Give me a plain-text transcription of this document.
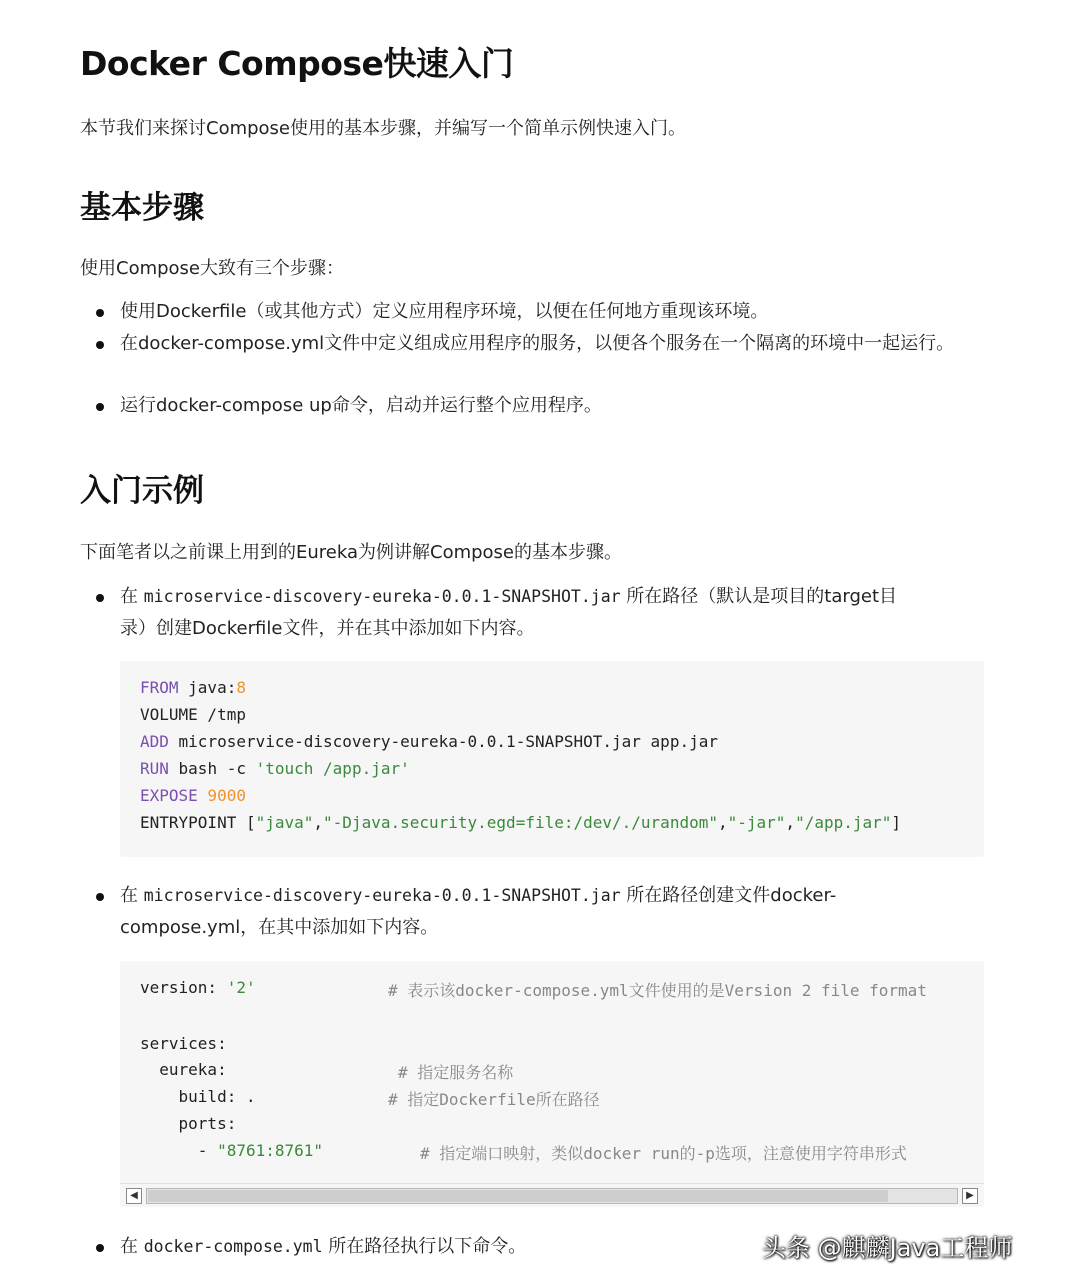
Docker Compose快速入门
本节我们来探讨Compose使用的基本步骤，并编写一个简单示例快速入门。
基本步骤
使用Compose大致有三个步骤：
使用Dockerfile（或其他方式）定义应用程序环境，以便在任何地方重现该环境。
在docker-compose.yml文件中定义组成应用程序的服务，以便各个服务在一个隔离的环境中一起运行。
运行docker-compose up命令，启动并运行整个应用程序。
入门示例
下面笔者以之前课上用到的Eureka为例讲解Compose的基本步骤。
在 microservice-discovery-eureka-0.0.1-SNAPSHOT.jar 所在路径（默认是项目的target目
录）创建Dockerfile文件，并在其中添加如下内容。
FROM java:8
VOLUME /tmp
ADD microservice-discovery-eureka-0.0.1-SNAPSHOT.jar app.jar
RUN bash -c 'touch /app.jar'
EXPOSE 9000
ENTRYPOINT ["java","-Djava.security.egd=file:/dev/./urandom","-jar","/app.jar"]
在 microservice-discovery-eureka-0.0.1-SNAPSHOT.jar 所在路径创建文件docker-
compose.yml，在其中添加如下内容。
version: '2'	# 表示该docker-compose.yml文件使用的是Version 2 file format
services:
eureka:	# 指定服务名称
build: .	# 指定Dockerfile所在路径
ports:
- "8761:8761"	# 指定端口映射，类似docker run的-p选项，注意使用字符串形式
◀	▶
在 docker-compose.yml 所在路径执行以下命令。	头条 @麒麟Java工程师
